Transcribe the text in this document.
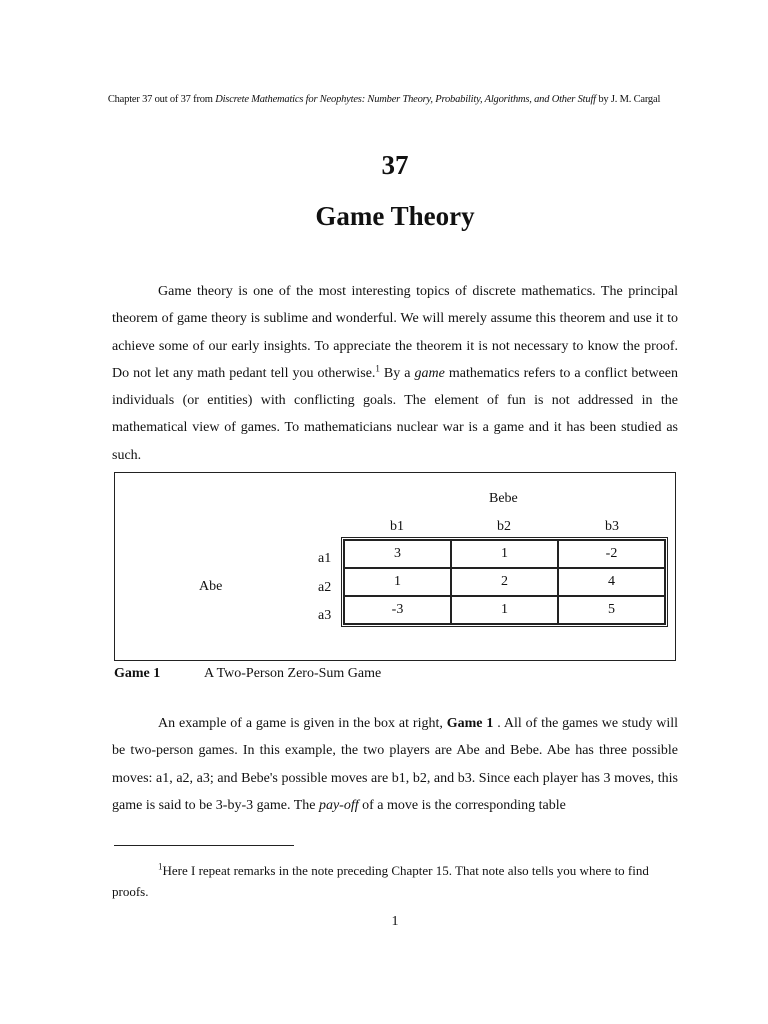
Chapter 37 out of 37 from Discrete Mathematics for Neophytes: Number Theory, Probability, Algorithms, and Other Stuff by J. M. Cargal
37
Game Theory
Game theory is one of the most interesting topics of discrete mathematics. The principal theorem of game theory is sublime and wonderful. We will merely assume this theorem and use it to achieve some of our early insights. To appreciate the theorem it is not necessary to know the proof. Do not let any math pedant tell you otherwise.$^1$ By a game mathematics refers to a conflict between individuals (or entities) with conflicting goals. The element of fun is not addressed in the mathematical view of games. To mathematicians nuclear war is a game and it has been studied as such.
Bebe
b1	b2	b3
Abe
a1
a2
a3
3	1	-2
1	2	4
-3	1	5
Game 1	A Two-Person Zero-Sum Game
An example of a game is given in the box at right, Game 1 . All of the games we study will be two-person games. In this example, the two players are Abe and Bebe. Abe has three possible moves: a1, a2, a3; and Bebe's possible moves are b1, b2, and b3. Since each player has 3 moves, this game is said to be 3-by-3 game. The pay-off of a move is the corresponding table
$^1$Here I repeat remarks in the note preceding Chapter 15. That note also tells you where to find proofs.
1
